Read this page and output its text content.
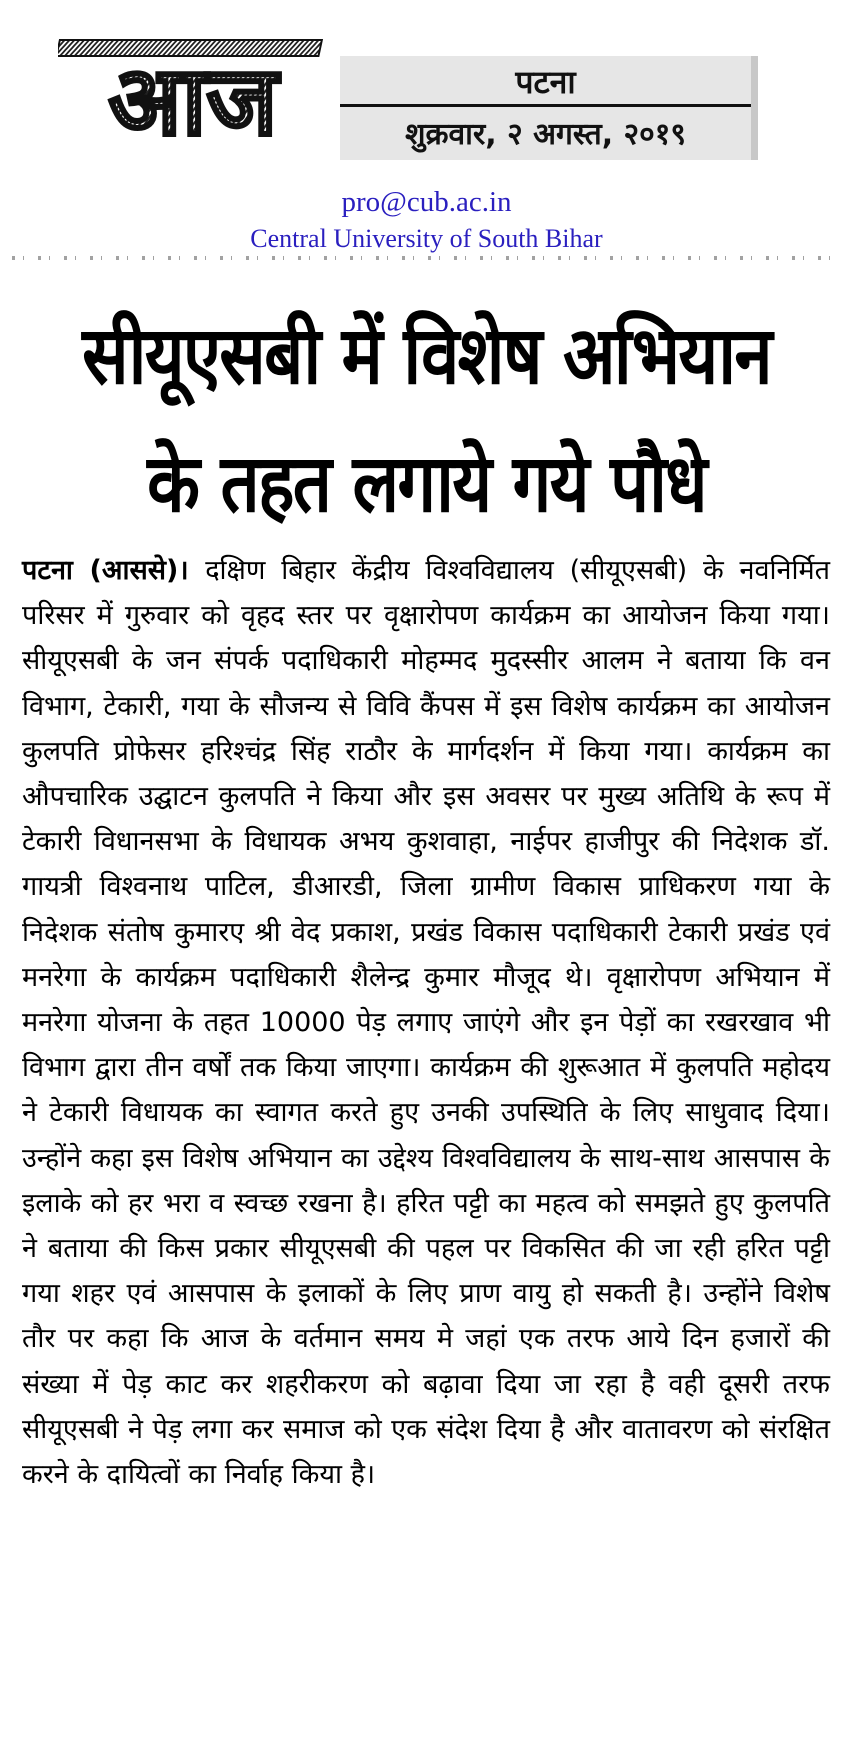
आज	पटना
शुक्रवार, २ अगस्त, २०१९
pro@cub.ac.in
Central University of South Bihar
सीयूएसबी में विशेष अभियान
के तहत लगाये गये पौधे
पटना (आससे)। दक्षिण बिहार केंद्रीय विश्वविद्यालय (सीयूएसबी) के नवनिर्मित परिसर में गुरुवार को वृहद स्तर पर वृक्षारोपण कार्यक्रम का आयोजन किया गया। सीयूएसबी के जन संपर्क पदाधिकारी मोहम्मद मुदस्सीर आलम ने बताया कि वन विभाग, टेकारी, गया के सौजन्य से विवि कैंपस में इस विशेष कार्यक्रम का आयोजन कुलपति प्रोफेसर हरिश्चंद्र सिंह राठौर के मार्गदर्शन में किया गया। कार्यक्रम का औपचारिक उद्घाटन कुलपति ने किया और इस अवसर पर मुख्य अतिथि के रूप में टेकारी विधानसभा के विधायक अभय कुशवाहा, नाईपर हाजीपुर की निदेशक डॉ. गायत्री विश्वनाथ पाटिल, डीआरडी, जिला ग्रामीण विकास प्राधिकरण गया के निदेशक संतोष कुमारए श्री वेद प्रकाश, प्रखंड विकास पदाधिकारी टेकारी प्रखंड एवं मनरेगा के कार्यक्रम पदाधिकारी शैलेन्द्र कुमार मौजूद थे। वृक्षारोपण अभियान में मनरेगा योजना के तहत 10000 पेड़ लगाए जाएंगे और इन पेड़ों का रखरखाव भी विभाग द्वारा तीन वर्षों तक किया जाएगा। कार्यक्रम की शुरूआत में कुलपति महोदय ने टेकारी विधायक का स्वागत करते हुए उनकी उपस्थिति के लिए साधुवाद दिया। उन्होंने कहा इस विशेष अभियान का उद्देश्य विश्वविद्यालय के साथ-साथ आसपास के इलाके को हर भरा व स्वच्छ रखना है। हरित पट्टी का महत्व को समझते हुए कुलपति ने बताया की किस प्रकार सीयूएसबी की पहल पर विकसित की जा रही हरित पट्टी गया शहर एवं आसपास के इलाकों के लिए प्राण वायु हो सकती है। उन्होंने विशेष तौर पर कहा कि आज के वर्तमान समय मे जहां एक तरफ आये दिन हजारों की संख्या में पेड़ काट कर शहरीकरण को बढ़ावा दिया जा रहा है वही दूसरी तरफ सीयूएसबी ने पेड़ लगा कर समाज को एक संदेश दिया है और वातावरण को संरक्षित करने के दायित्वों का निर्वाह किया है।
